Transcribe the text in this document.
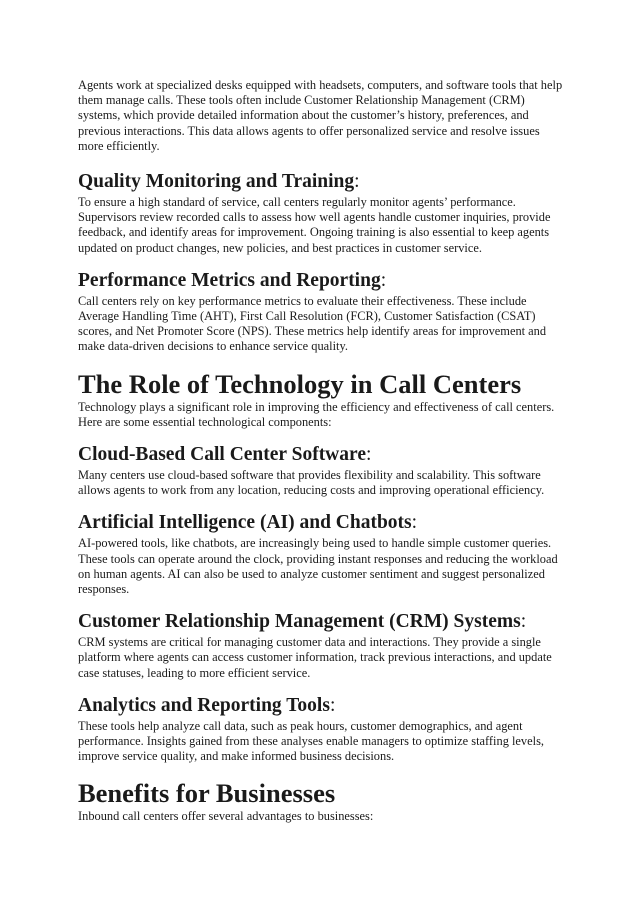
Agents work at specialized desks equipped with headsets, computers, and software tools that help them manage calls. These tools often include Customer Relationship Management (CRM) systems, which provide detailed information about the customer’s history, preferences, and previous interactions. This data allows agents to offer personalized service and resolve issues more efficiently.

Quality Monitoring and Training:

To ensure a high standard of service, call centers regularly monitor agents’ performance. Supervisors review recorded calls to assess how well agents handle customer inquiries, provide feedback, and identify areas for improvement. Ongoing training is also essential to keep agents updated on product changes, new policies, and best practices in customer service.

Performance Metrics and Reporting:

Call centers rely on key performance metrics to evaluate their effectiveness. These include Average Handling Time (AHT), First Call Resolution (FCR), Customer Satisfaction (CSAT) scores, and Net Promoter Score (NPS). These metrics help identify areas for improvement and make data-driven decisions to enhance service quality.

The Role of Technology in Call Centers

Technology plays a significant role in improving the efficiency and effectiveness of call centers. Here are some essential technological components:

Cloud-Based Call Center Software:

Many centers use cloud-based software that provides flexibility and scalability. This software allows agents to work from any location, reducing costs and improving operational efficiency.

Artificial Intelligence (AI) and Chatbots:

AI-powered tools, like chatbots, are increasingly being used to handle simple customer queries. These tools can operate around the clock, providing instant responses and reducing the workload on human agents. AI can also be used to analyze customer sentiment and suggest personalized responses.

Customer Relationship Management (CRM) Systems:

CRM systems are critical for managing customer data and interactions. They provide a single platform where agents can access customer information, track previous interactions, and update case statuses, leading to more efficient service.

Analytics and Reporting Tools:

These tools help analyze call data, such as peak hours, customer demographics, and agent performance. Insights gained from these analyses enable managers to optimize staffing levels, improve service quality, and make informed business decisions.

Benefits for Businesses

Inbound call centers offer several advantages to businesses:
